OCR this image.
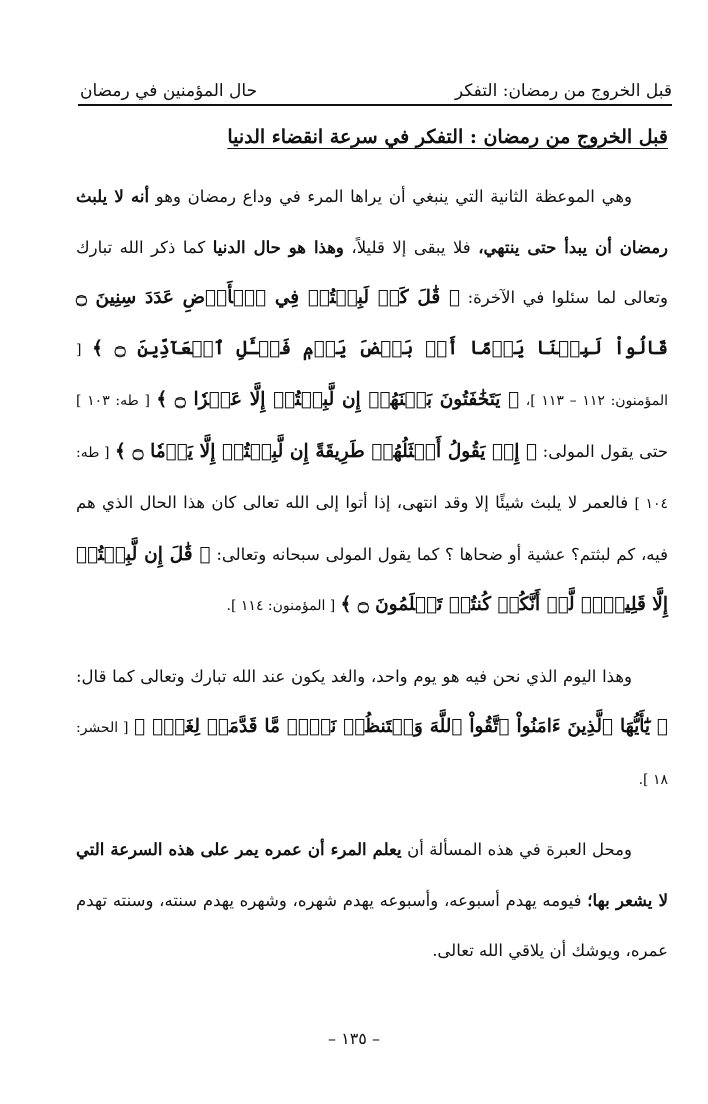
قبل الخروج من رمضان: التفكر
حال المؤمنين في رمضان
قبل الخروج من رمضان : التفكر في سرعة انقضاء الدنيا

وهي الموعظة الثانية التي ينبغي أن يراها المرء في وداع رمضان وهو أنه لا يلبث رمضان أن يبدأ حتى ينتهي، فلا يبقى إلا قليلاً، وهذا هو حال الدنيا كما ذكر الله تبارك وتعالى لما سئلوا في الآخرة: ﴿ قَٰلَ كَمۡ لَبِثۡتُمۡ فِي ٱلۡأَرۡضِ عَدَدَ سِنِينَ ۝ قَالُواْ لَبِثۡنَا يَوۡمًا أَوۡ بَعۡضَ يَوۡمٖ فَسۡـَٔلِ ٱلۡعَآدِّينَ ۝ ﴾ [ المؤمنون: ١١٢ – ١١٣ ]، ﴿ يَتَخَٰفَتُونَ بَيۡنَهُمۡ إِن لَّبِثۡتُمۡ إِلَّا عَشۡرٗا ۝ ﴾ [ طه: ١٠٣ ] حتى يقول المولى: ﴿ إِذۡ يَقُولُ أَمۡثَلُهُمۡ طَرِيقَةً إِن لَّبِثۡتُمۡ إِلَّا يَوۡمٗا ۝ ﴾ [ طه: ١٠٤ ] فالعمر لا يلبث شيئًا إلا وقد انتهى، إذا أتوا إلى الله تعالى كان هذا الحال الذي هم فيه، كم لبثتم؟ عشية أو ضحاها ؟ كما يقول المولى سبحانه وتعالى: ﴿ قَٰلَ إِن لَّبِثۡتُمۡ إِلَّا قَلِيلٗاۖ لَّوۡ أَنَّكُمۡ كُنتُمۡ تَعۡلَمُونَ ۝ ﴾ [ المؤمنون: ١١٤ ].

وهذا اليوم الذي نحن فيه هو يوم واحد، والغد يكون عند الله تبارك وتعالى كما قال: ﴿ يَٰٓأَيُّهَا ٱلَّذِينَ ءَامَنُواْ ٱتَّقُواْ ٱللَّهَ وَلۡتَنظُرۡ نَفۡسٞ مَّا قَدَّمَتۡ لِغَدٖۖ ﴾ [ الحشر: ١٨ ].

ومحل العبرة في هذه المسألة أن يعلم المرء أن عمره يمر على هذه السرعة التي لا يشعر بها؛ فيومه يهدم أسبوعه، وأسبوعه يهدم شهره، وشهره يهدم سنته، وسنته تهدم عمره، ويوشك أن يلاقي الله تعالى.

– ١٣٥ –
